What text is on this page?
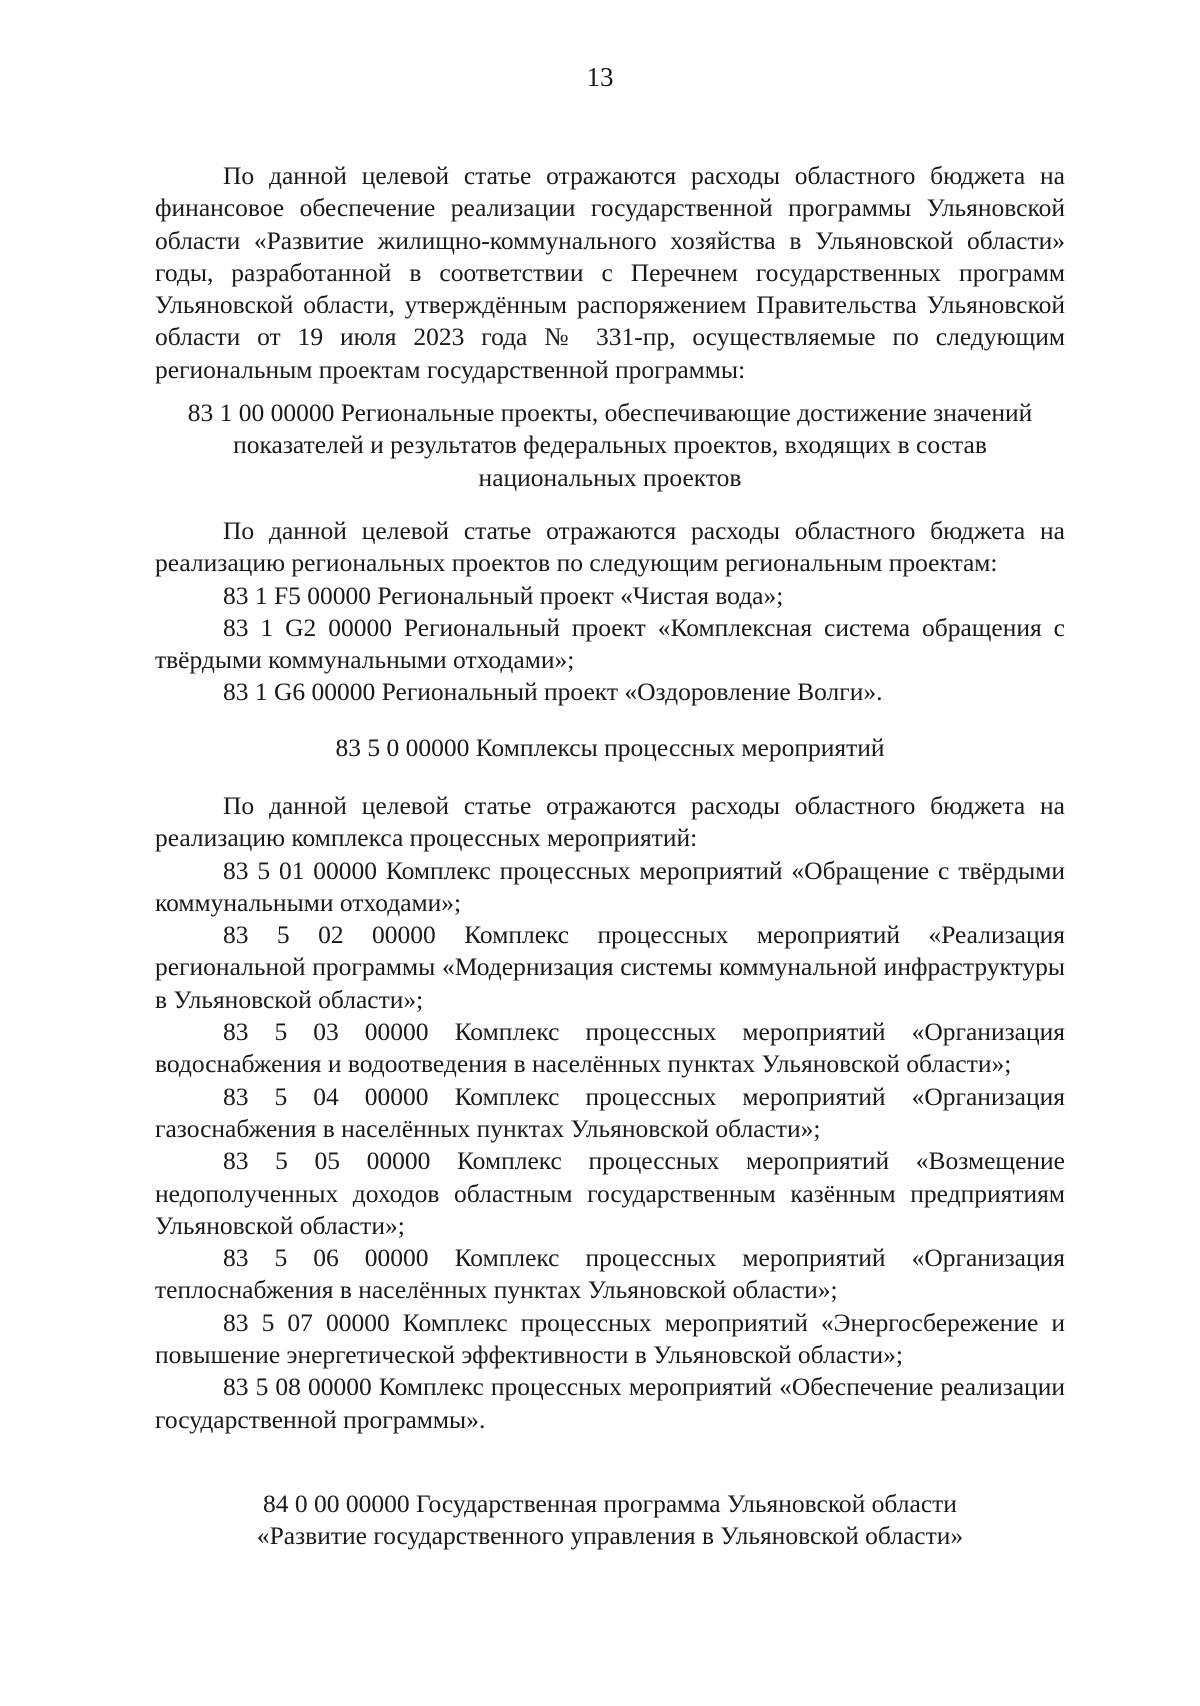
13

По данной целевой статье отражаются расходы областного бюджета на финансовое обеспечение реализации государственной программы Ульяновской области «Развитие жилищно-коммунального хозяйства в Ульяновской области» годы, разработанной в соответствии с Перечнем государственных программ Ульяновской области, утверждённым распоряжением Правительства Ульяновской области от 19 июля 2023 года № 331-пр, осуществляемые по следующим региональным проектам государственной программы:

83 1 00 00000 Региональные проекты, обеспечивающие достижение значений

показателей и результатов федеральных проектов, входящих в состав

национальных проектов

По данной целевой статье отражаются расходы областного бюджета на реализацию региональных проектов по следующим региональным проектам:

83 1 F5 00000 Региональный проект «Чистая вода»;

83 1 G2 00000 Региональный проект «Комплексная система обращения с твёрдыми коммунальными отходами»;

83 1 G6 00000 Региональный проект «Оздоровление Волги».

83 5 0 00000 Комплексы процессных мероприятий

По данной целевой статье отражаются расходы областного бюджета на реализацию комплекса процессных мероприятий:

83 5 01 00000 Комплекс процессных мероприятий «Обращение с твёрдыми коммунальными отходами»;

83 5 02 00000 Комплекс процессных мероприятий «Реализация региональной программы «Модернизация системы коммунальной инфраструктуры в Ульяновской области»;

83 5 03 00000 Комплекс процессных мероприятий «Организация водоснабжения и водоотведения в населённых пунктах Ульяновской области»;

83 5 04 00000 Комплекс процессных мероприятий «Организация газоснабжения в населённых пунктах Ульяновской области»;

83 5 05 00000 Комплекс процессных мероприятий «Возмещение недополученных доходов областным государственным казённым предприятиям Ульяновской области»;

83 5 06 00000 Комплекс процессных мероприятий «Организация теплоснабжения в населённых пунктах Ульяновской области»;

83 5 07 00000 Комплекс процессных мероприятий «Энергосбережение и повышение энергетической эффективности в Ульяновской области»;

83 5 08 00000 Комплекс процессных мероприятий «Обеспечение реализации государственной программы».

84 0 00 00000 Государственная программа Ульяновской области

«Развитие государственного управления в Ульяновской области»
